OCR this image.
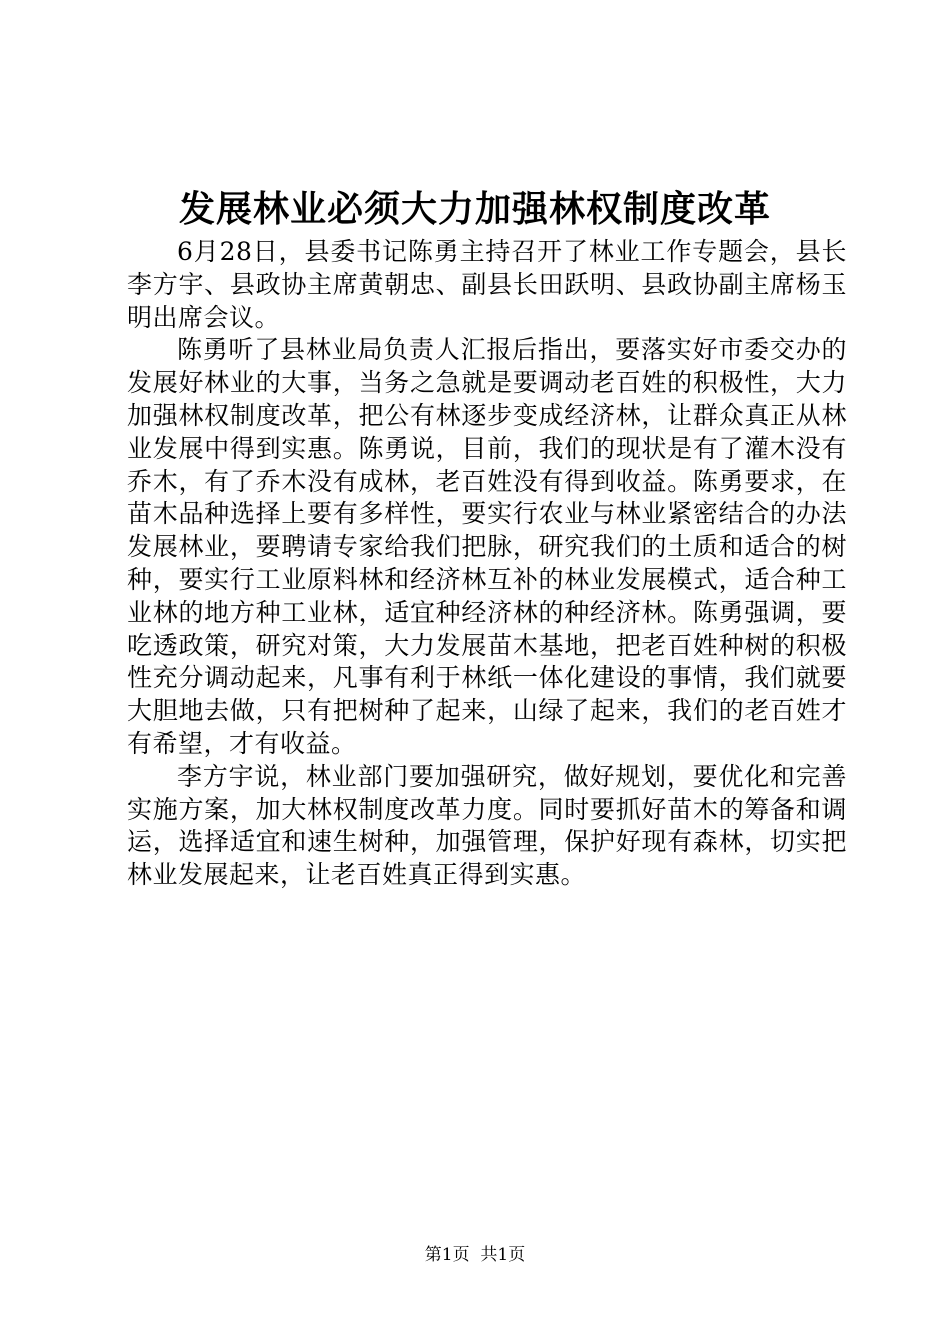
发展林业必须大力加强林权制度改革

6月28日，县委书记陈勇主持召开了林业工作专题会，县长李方宇、县政协主席黄朝忠、副县长田跃明、县政协副主席杨玉明出席会议。

陈勇听了县林业局负责人汇报后指出，要落实好市委交办的发展好林业的大事，当务之急就是要调动老百姓的积极性，大力加强林权制度改革，把公有林逐步变成经济林，让群众真正从林业发展中得到实惠。陈勇说，目前，我们的现状是有了灌木没有乔木，有了乔木没有成林，老百姓没有得到收益。陈勇要求，在苗木品种选择上要有多样性，要实行农业与林业紧密结合的办法发展林业，要聘请专家给我们把脉，研究我们的土质和适合的树种，要实行工业原料林和经济林互补的林业发展模式，适合种工业林的地方种工业林，适宜种经济林的种经济林。陈勇强调，要吃透政策，研究对策，大力发展苗木基地，把老百姓种树的积极性充分调动起来，凡事有利于林纸一体化建设的事情，我们就要大胆地去做，只有把树种了起来，山绿了起来，我们的老百姓才有希望，才有收益。

李方宇说，林业部门要加强研究，做好规划，要优化和完善实施方案，加大林权制度改革力度。同时要抓好苗木的筹备和调运，选择适宜和速生树种，加强管理，保护好现有森林，切实把林业发展起来，让老百姓真正得到实惠。

第1页  共1页
